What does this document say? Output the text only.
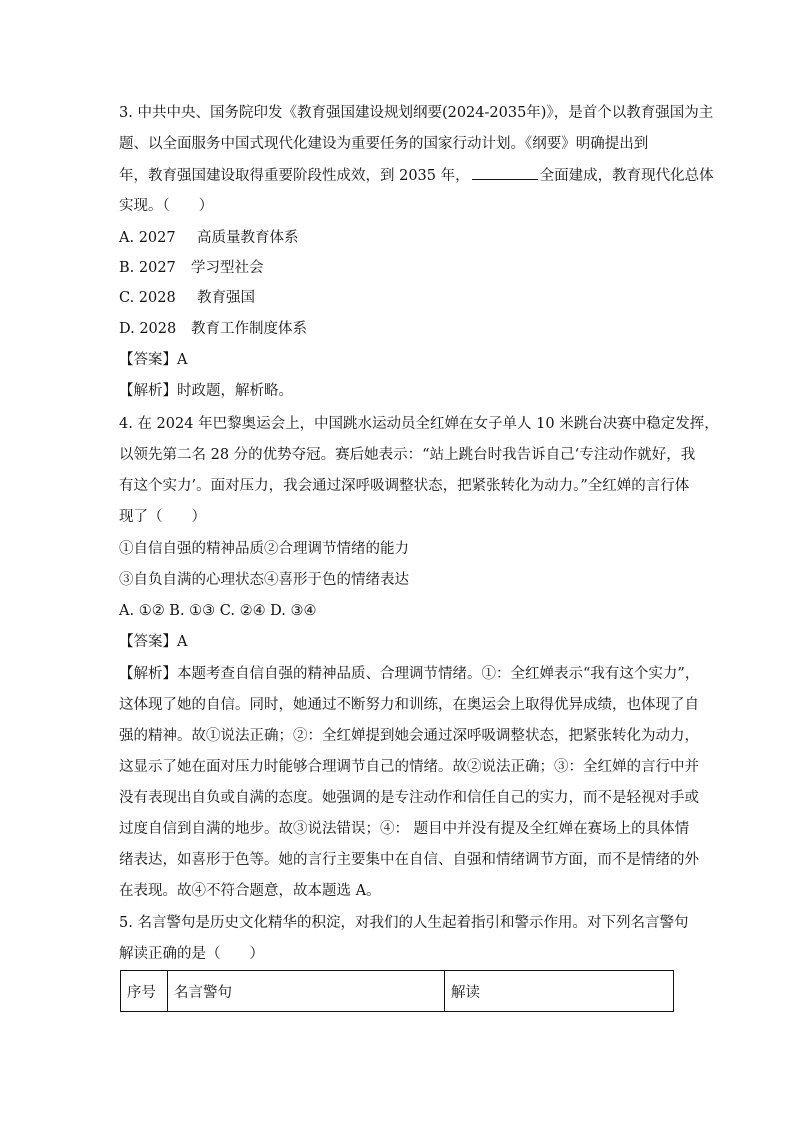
3. 中共中央、国务院印发《教育强国建设规划纲要(2024-2035年)》，是首个以教育强国为主
题、以全面服务中国式现代化建设为重要任务的国家行动计划。《纲要》明确提出到
年，教育强国建设取得重要阶段性成效，到 2035 年，	全面建成，教育现代化总体
实现。（　　）
A. 2027 高质量教育体系
B. 2027 学习型社会
C. 2028 教育强国
D. 2028 教育工作制度体系
【答案】A
【解析】时政题，解析略。
4. 在 2024 年巴黎奥运会上，中国跳水运动员全红婵在女子单人 10 米跳台决赛中稳定发挥，
以领先第二名 28 分的优势夺冠。赛后她表示：“站上跳台时我告诉自己‘专注动作就好，我
有这个实力’。面对压力，我会通过深呼吸调整状态，把紧张转化为动力。”全红婵的言行体
现了（　　）
①自信自强的精神品质②合理调节情绪的能力
③自负自满的心理状态④喜形于色的情绪表达
A. ①② B. ①③ C. ②④ D. ③④
【答案】A
【解析】本题考查自信自强的精神品质、合理调节情绪。①：全红婵表示“我有这个实力”，
这体现了她的自信。同时，她通过不断努力和训练，在奥运会上取得优异成绩，也体现了自
强的精神。故①说法正确；②：全红婵提到她会通过深呼吸调整状态，把紧张转化为动力，
这显示了她在面对压力时能够合理调节自己的情绪。故②说法正确；③：全红婵的言行中并
没有表现出自负或自满的态度。她强调的是专注动作和信任自己的实力，而不是轻视对手或
过度自信到自满的地步。故③说法错误；④： 题目中并没有提及全红婵在赛场上的具体情
绪表达，如喜形于色等。她的言行主要集中在自信、自强和情绪调节方面，而不是情绪的外
在表现。故④不符合题意，故本题选 A。
5. 名言警句是历史文化精华的积淀，对我们的人生起着指引和警示作用。对下列名言警句
解读正确的是（　　）
序号	名言警句	解读
